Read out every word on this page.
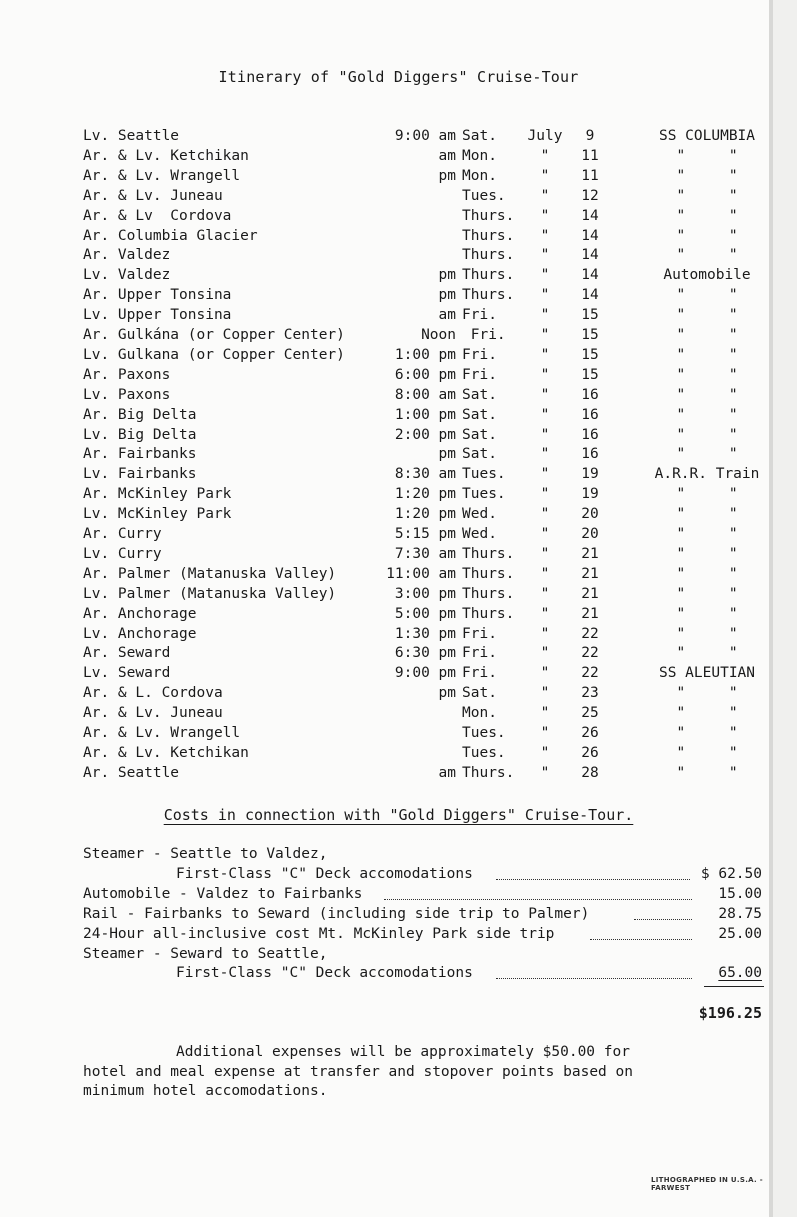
Itinerary of "Gold Diggers" Cruise-Tour
Lv. Seattle	9:00 am Sat. July	9	SS COLUMBIA
Ar. & Lv. Ketchikan	am Mon.	"	11	"     "
Ar. & Lv. Wrangell	pm Mon.	"	11	"     "
Ar. & Lv. Juneau	Tues.	"	12	"     "
Ar. & Lv  Cordova	Thurs.	"	14	"     "
Ar. Columbia Glacier	Thurs.	"	14	"     "
Ar. Valdez	Thurs.	"	14	"     "
Lv. Valdez	pm Thurs.	"	14	Automobile
Ar. Upper Tonsina	pm Thurs.	"	14	"     "
Lv. Upper Tonsina	am Fri.	"	15	"     "
Ar. Gulkána (or Copper Center)	Noon Fri.	"	15	"     "
Lv. Gulkana (or Copper Center)	1:00 pm Fri.	"	15	"     "
Ar. Paxons	6:00 pm Fri.	"	15	"     "
Lv. Paxons	8:00 am Sat.	"	16	"     "
Ar. Big Delta	1:00 pm Sat.	"	16	"     "
Lv. Big Delta	2:00 pm Sat.	"	16	"     "
Ar. Fairbanks	pm Sat.	"	16	"     "
Lv. Fairbanks	8:30 am Tues.	"	19	A.R.R. Train
Ar. McKinley Park	1:20 pm Tues.	"	19	"     "
Lv. McKinley Park	1:20 pm Wed.	"	20	"     "
Ar. Curry	5:15 pm Wed.	"	20	"     "
Lv. Curry	7:30 am Thurs.	"	21	"     "
Ar. Palmer (Matanuska Valley)	11:00 am Thurs.	"	21	"     "
Lv. Palmer (Matanuska Valley)	3:00 pm Thurs.	"	21	"     "
Ar. Anchorage	5:00 pm Thurs.	"	21	"     "
Lv. Anchorage	1:30 pm Fri.	"	22	"     "
Ar. Seward	6:30 pm Fri.	"	22	"     "
Lv. Seward	9:00 pm Fri.	"	22	SS ALEUTIAN
Ar. & L. Cordova	pm Sat.	"	23	"     "
Ar. & Lv. Juneau	Mon.	"	25	"     "
Ar. & Lv. Wrangell	Tues.	"	26	"     "
Ar. & Lv. Ketchikan	Tues.	"	26	"     "
Ar. Seattle	am Thurs.	"	28	"     "
Costs in connection with "Gold Diggers" Cruise-Tour.
Steamer - Seattle to Valdez,
First-Class "C" Deck accomodations	$ 62.50
Automobile - Valdez to Fairbanks	15.00
Rail - Fairbanks to Seward (including side trip to Palmer)	28.75
24-Hour all-inclusive cost Mt. McKinley Park side trip	25.00
Steamer - Seward to Seattle,
First-Class "C" Deck accomodations	65.00
$196.25
Additional expenses will be approximately $50.00 for
hotel and meal expense at transfer and stopover points based on
minimum hotel accomodations.
LITHOGRAPHED IN U.S.A. - FARWEST
